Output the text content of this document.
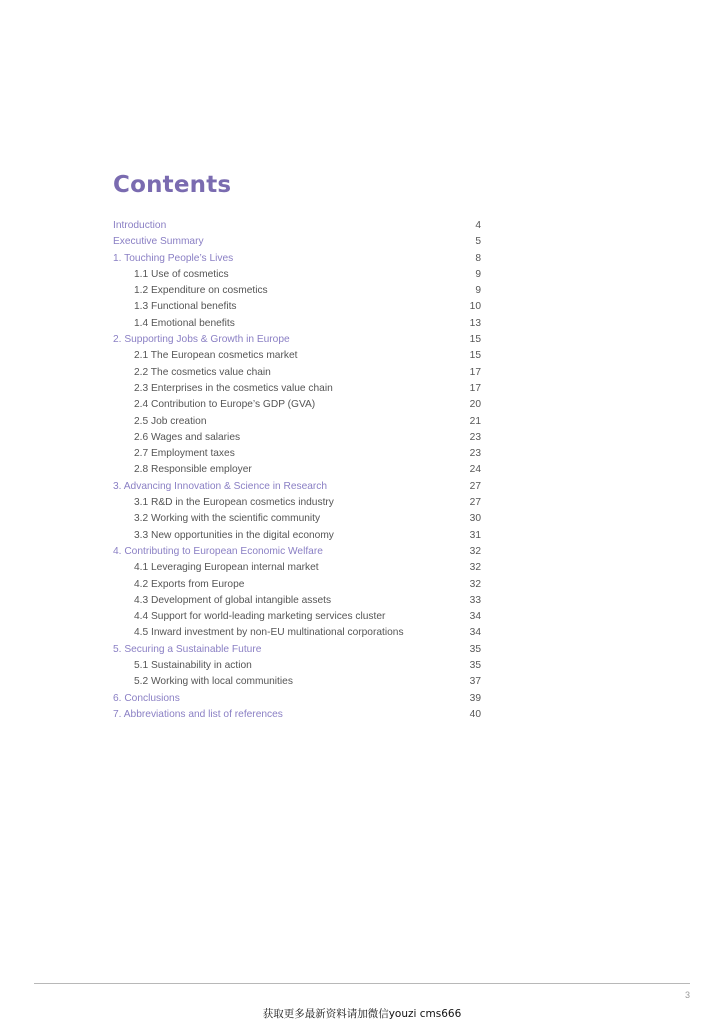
Contents
Introduction	4
Executive Summary	5
1. Touching People’s Lives	8
1.1 Use of cosmetics	9
1.2 Expenditure on cosmetics	9
1.3 Functional benefits	10
1.4 Emotional benefits	13
2. Supporting Jobs & Growth in Europe	15
2.1 The European cosmetics market	15
2.2 The cosmetics value chain	17
2.3 Enterprises in the cosmetics value chain	17
2.4 Contribution to Europe’s GDP (GVA)	20
2.5 Job creation	21
2.6 Wages and salaries	23
2.7 Employment taxes	23
2.8 Responsible employer	24
3. Advancing Innovation & Science in Research	27
3.1 R&D in the European cosmetics industry	27
3.2 Working with the scientific community	30
3.3 New opportunities in the digital economy	31
4. Contributing to European Economic Welfare	32
4.1 Leveraging European internal market	32
4.2 Exports from Europe	32
4.3 Development of global intangible assets	33
4.4 Support for world-leading marketing services cluster	34
4.5 Inward investment by non-EU multinational corporations	34
5. Securing a Sustainable Future	35
5.1 Sustainability in action	35
5.2 Working with local communities	37
6. Conclusions	39
7. Abbreviations and list of references	40
3
获取更多最新资料请加微信youzi cms666
